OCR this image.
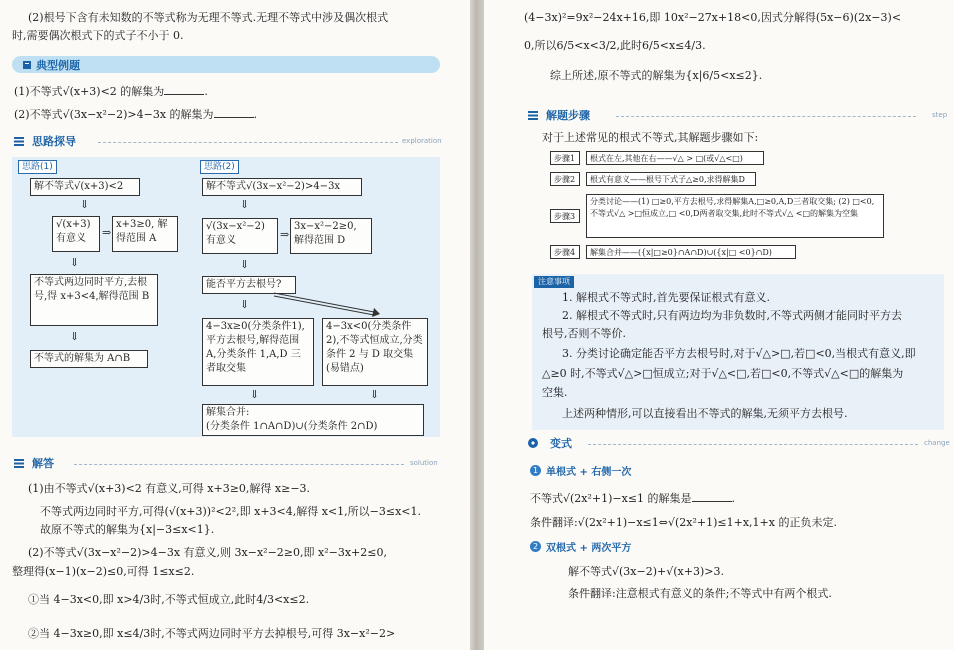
(2)根号下含有未知数的不等式称为无理不等式.无理不等式中涉及偶次根式
时,需要偶次根式下的式子不小于 0.
典型例题
(1)不等式√(x+3)<2 的解集为	.
(2)不等式√(3x−x²−2)>4−3x 的解集为	.
思路探导	exploration
思路(1)	思路(2)
解不等式√(x+3)<2
⇓
√(x+3) 有意义	⇒
x+3≥0, 解得范围 A
⇓
不等式两边同时平方,去根号,得 x+3<4,解得范围 B
⇓
不等式的解集为 A∩B
解不等式√(3x−x²−2)>4−3x
⇓
√(3x−x²−2) 有意义	⇒
3x−x²−2≥0, 解得范围 D
⇓
能否平方去根号?
⇓
4−3x≥0(分类条件1),平方去根号,解得范围 A,分类条件 1,A,D 三者取交集
4−3x<0(分类条件 2),不等式恒成立,分类条件 2 与 D 取交集(易错点)
⇓	⇓
解集合并:
(分类条件 1∩A∩D)∪(分类条件 2∩D)
解答	solution
(1)由不等式√(x+3)<2 有意义,可得 x+3≥0,解得 x≥−3.
不等式两边同时平方,可得(√(x+3))²<2²,即 x+3<4,解得 x<1,所以−3≤x<1.
故原不等式的解集为{x|−3≤x<1}.
(2)不等式√(3x−x²−2)>4−3x 有意义,则 3x−x²−2≥0,即 x²−3x+2≤0,
整理得(x−1)(x−2)≤0,可得 1≤x≤2.
①当 4−3x<0,即 x>4/3时,不等式恒成立,此时4/3<x≤2.
②当 4−3x≥0,即 x≤4/3时,不等式两边同时平方去掉根号,可得 3x−x²−2>
(4−3x)²=9x²−24x+16,即 10x²−27x+18<0,因式分解得(5x−6)(2x−3)<
0,所以6/5<x<3/2,此时6/5<x≤4/3.
综上所述,原不等式的解集为{x|6/5<x≤2}.
解题步骤	step
对于上述常见的根式不等式,其解题步骤如下:
步骤1	根式在左,其他在右——√△ > □(或√△<□)
步骤2	根式有意义——根号下式子△≥0,求得解集D
步骤3
分类讨论——(1) □≥0,平方去根号,求得解集A,□≥0,A,D三者取交集; (2) □<0,不等式√△ >□恒成立,□ <0,D两者取交集,此时不等式√△ <□的解集为空集
步骤4	解集合并——({x|□≥0}∩A∩D)∪({x|□ <0}∩D)
注意事项
1. 解根式不等式时,首先要保证根式有意义.
2. 解根式不等式时,只有两边均为非负数时,不等式两侧才能同时平方去
根号,否则不等价.
3. 分类讨论确定能否平方去根号时,对于√△>□,若□<0,当根式有意义,即
△≥0 时,不等式√△>□恒成立;对于√△<□,若□<0,不等式√△<□的解集为
空集.
上述两种情形,可以直接看出不等式的解集,无须平方去根号.
变式	change
1 单根式 + 右侧一次
不等式√(2x²+1)−x≤1 的解集是	.
条件翻译:√(2x²+1)−x≤1⇔√(2x²+1)≤1+x,1+x 的正负未定.
2 双根式 + 两次平方
解不等式√(3x−2)+√(x+3)>3.
条件翻译:注意根式有意义的条件;不等式中有两个根式.
